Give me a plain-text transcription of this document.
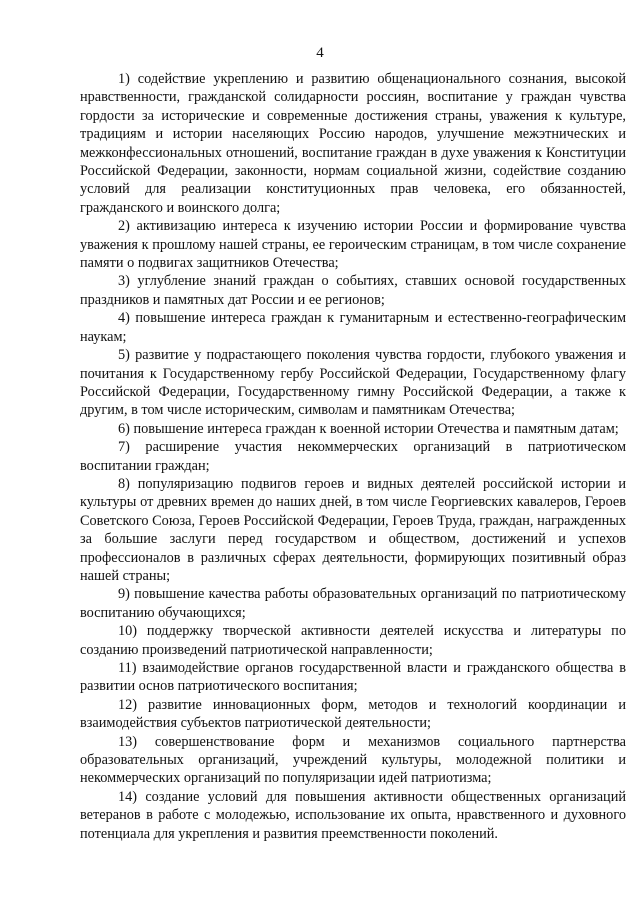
4

1) содействие укреплению и развитию общенационального сознания, высокой нравственности, гражданской солидарности россиян, воспитание у граждан чувства гордости за исторические и современные достижения страны, уважения к культуре, традициям и истории населяющих Россию народов, улучшение межэтнических и межконфессиональных отношений, воспитание граждан в духе уважения к Конституции Российской Федерации, законности, нормам социальной жизни, содействие созданию условий для реализации конституционных прав человека, его обязанностей, гражданского и воинского долга;

2) активизацию интереса к изучению истории России и формирование чувства уважения к прошлому нашей страны, ее героическим страницам, в том числе сохранение памяти о подвигах защитников Отечества;

3) углубление знаний граждан о событиях, ставших основой государственных праздников и памятных дат России и ее регионов;

4) повышение интереса граждан к гуманитарным и естественно-географическим наукам;

5) развитие у подрастающего поколения чувства гордости, глубокого уважения и почитания к Государственному гербу Российской Федерации, Государственному флагу Российской Федерации, Государственному гимну Российской Федерации, а также к другим, в том числе историческим, символам и памятникам Отечества;

6) повышение интереса граждан к военной истории Отечества и памятным датам;

7) расширение участия некоммерческих организаций в патриотическом воспитании граждан;

8) популяризацию подвигов героев и видных деятелей российской истории и культуры от древних времен до наших дней, в том числе Георгиевских кавалеров, Героев Советского Союза, Героев Российской Федерации, Героев Труда, граждан, награжденных за большие заслуги перед государством и обществом, достижений и успехов профессионалов в различных сферах деятельности, формирующих позитивный образ нашей страны;

9) повышение качества работы образовательных организаций по патриотическому воспитанию обучающихся;

10) поддержку творческой активности деятелей искусства и литературы по созданию произведений патриотической направленности;

11) взаимодействие органов государственной власти и гражданского общества в развитии основ патриотического воспитания;

12) развитие инновационных форм, методов и технологий координации и взаимодействия субъектов патриотической деятельности;

13) совершенствование форм и механизмов социального партнерства образовательных организаций, учреждений культуры, молодежной политики и некоммерческих организаций по популяризации идей патриотизма;

14) создание условий для повышения активности общественных организаций ветеранов в работе с молодежью, использование их опыта, нравственного и духовного потенциала для укрепления и развития преемственности поколений.
